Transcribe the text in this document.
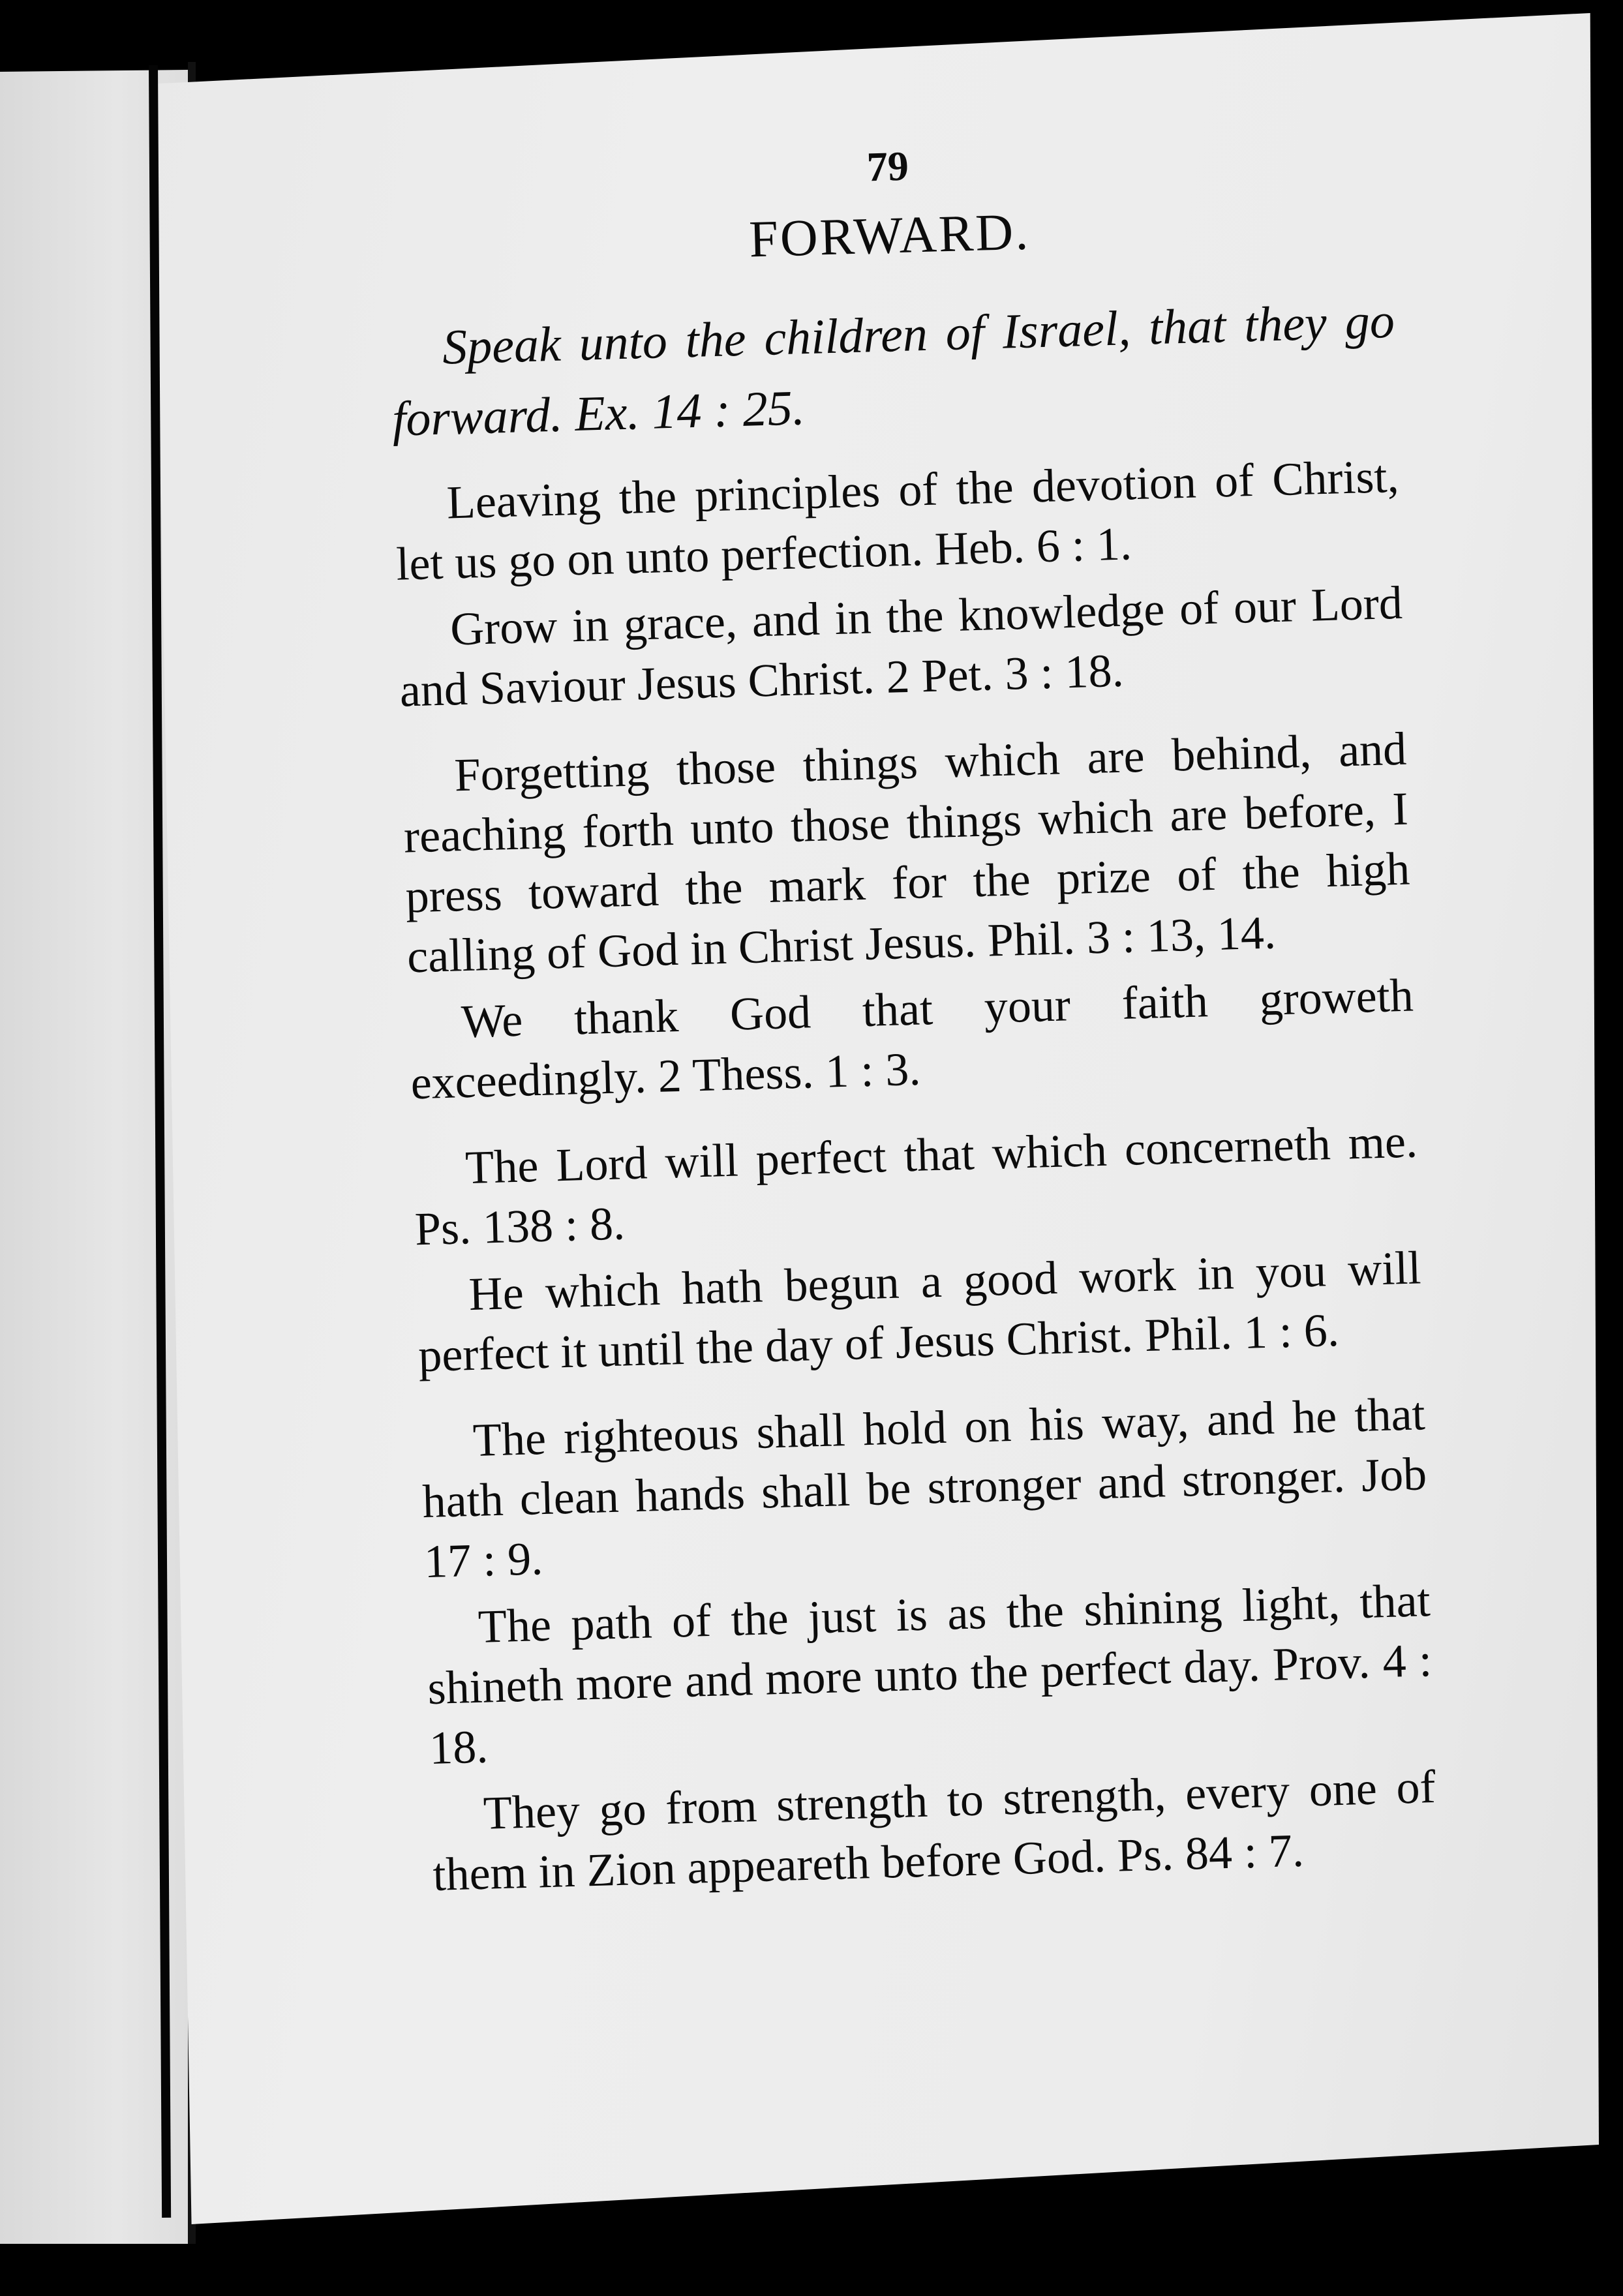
79
FORWARD.

Speak unto the children of Israel, that they go forward. Ex. 14 : 25.

Leaving the principles of the devotion of Christ, let us go on unto perfection. Heb. 6 : 1.

Grow in grace, and in the knowledge of our Lord and Saviour Jesus Christ. 2 Pet. 3 : 18.

Forgetting those things which are behind, and reaching forth unto those things which are before, I press toward the mark for the prize of the high calling of God in Christ Jesus. Phil. 3 : 13, 14.

We thank God that your faith groweth exceedingly. 2 Thess. 1 : 3.

The Lord will perfect that which concerneth me. Ps. 138 : 8.

He which hath begun a good work in you will perfect it until the day of Jesus Christ. Phil. 1 : 6.

The righteous shall hold on his way, and he that hath clean hands shall be stronger and stronger. Job 17 : 9.

The path of the just is as the shining light, that shineth more and more unto the perfect day. Prov. 4 : 18.

They go from strength to strength, every one of them in Zion appeareth before God. Ps. 84 : 7.
